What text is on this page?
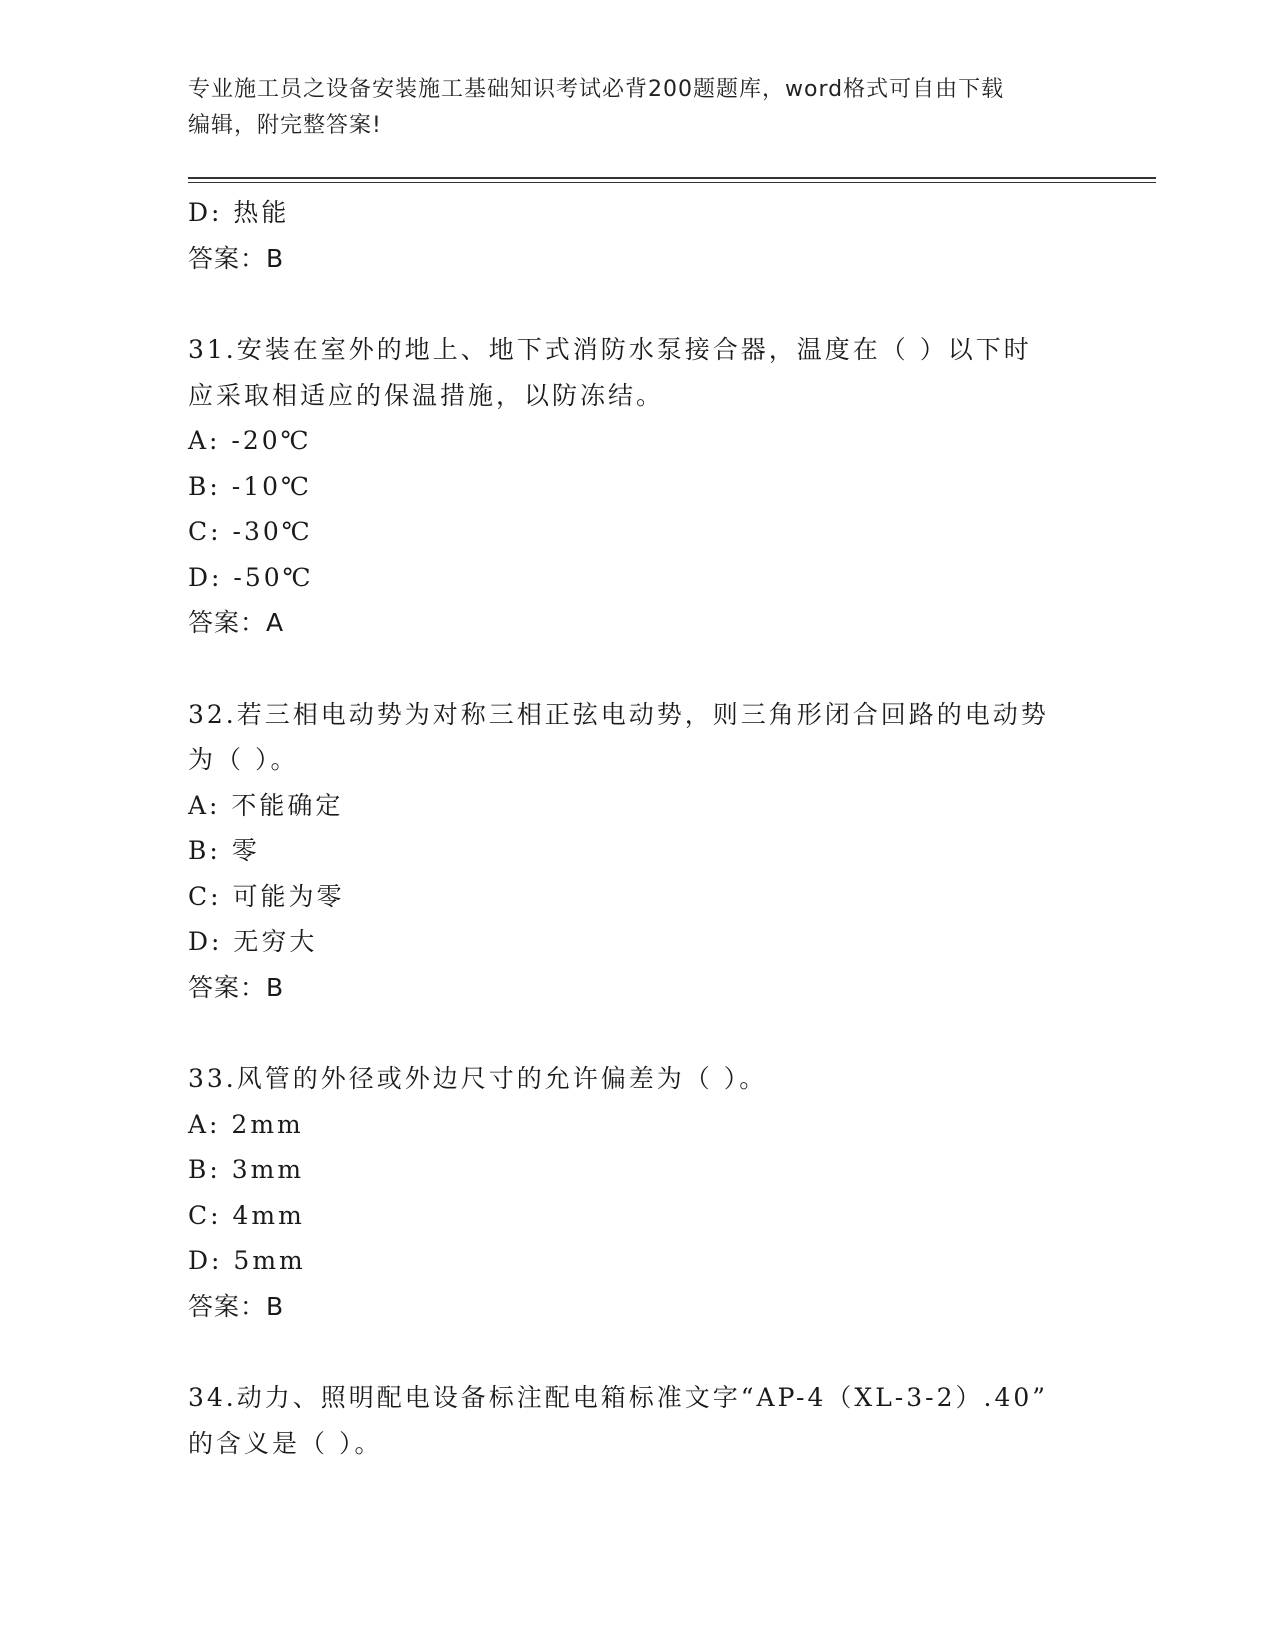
专业施工员之设备安装施工基础知识考试必背200题题库，word格式可自由下载
编辑，附完整答案!
D: 热能
答案：B
31.安装在室外的地上、地下式消防水泵接合器，温度在（ ）以下时
应采取相适应的保温措施，以防冻结。
A: -20℃
B: -10℃
C: -30℃
D: -50℃
答案：A
32.若三相电动势为对称三相正弦电动势，则三角形闭合回路的电动势
为（ ）。
A: 不能确定
B: 零
C: 可能为零
D: 无穷大
答案：B
33.风管的外径或外边尺寸的允许偏差为（ ）。
A: 2mm
B: 3mm
C: 4mm
D: 5mm
答案：B
34.动力、照明配电设备标注配电箱标准文字“AP-4（XL-3-2）.40”
的含义是（ ）。
